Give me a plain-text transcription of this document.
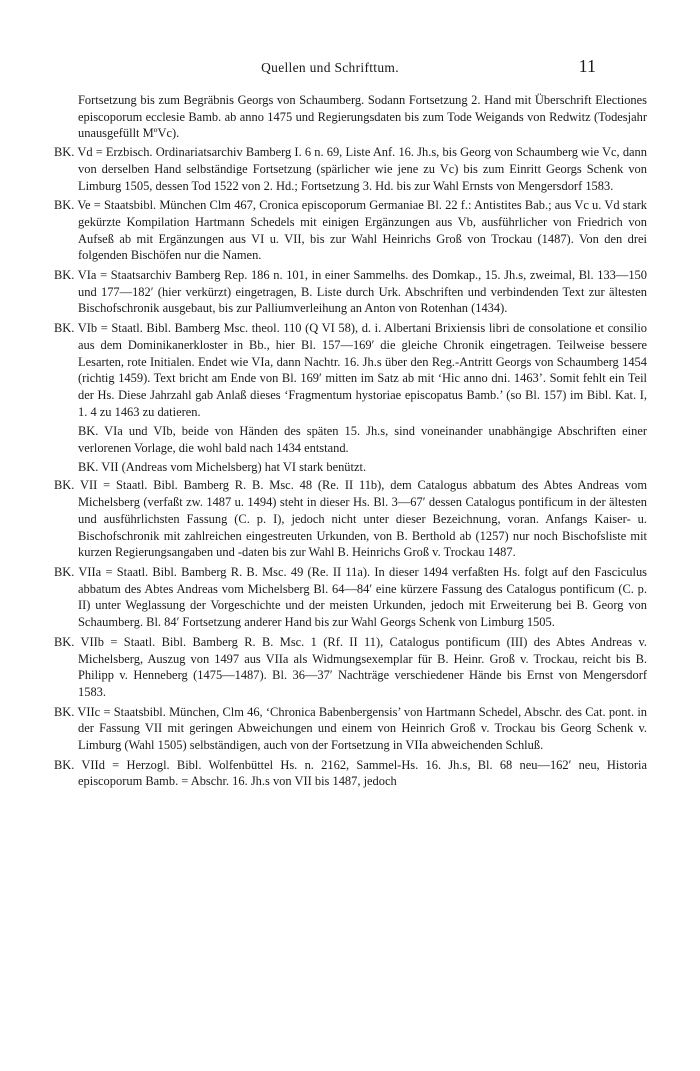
Quellen und Schrifttum.	11

Fortsetzung bis zum Begräbnis Georgs von Schaumberg. Sodann Fortsetzung 2. Hand mit Überschrift Electiones episcoporum ecclesie Bamb. ab anno 1475 und Regierungsdaten bis zum Tode Weigands von Redwitz (Todesjahr unausgefüllt MºVc).

BK. Vd = Erzbisch. Ordinariatsarchiv Bamberg I. 6 n. 69, Liste Anf. 16. Jh.s, bis Georg von Schaumberg wie Vc, dann von derselben Hand selbständige Fortsetzung (spärlicher wie jene zu Vc) bis zum Einritt Georgs Schenk von Limburg 1505, dessen Tod 1522 von 2. Hd.; Fortsetzung 3. Hd. bis zur Wahl Ernsts von Mengersdorf 1583.

BK. Ve = Staatsbibl. München Clm 467, Cronica episcoporum Germaniae Bl. 22 f.: Antistites Bab.; aus Vc u. Vd stark gekürzte Kompilation Hartmann Schedels mit einigen Ergänzungen aus Vb, ausführlicher von Friedrich von Aufseß ab mit Ergänzungen aus VI u. VII, bis zur Wahl Heinrichs Groß von Trockau (1487). Von den drei folgenden Bischöfen nur die Namen.

BK. VIa = Staatsarchiv Bamberg Rep. 186 n. 101, in einer Sammelhs. des Domkap., 15. Jh.s, zweimal, Bl. 133—150 und 177—182′ (hier verkürzt) eingetragen, B. Liste durch Urk. Abschriften und verbindenden Text zur ältesten Bischofschronik ausgebaut, bis zur Palliumverleihung an Anton von Rotenhan (1434).

BK. VIb = Staatl. Bibl. Bamberg Msc. theol. 110 (Q VI 58), d. i. Albertani Brixiensis libri de consolatione et consilio aus dem Dominikanerkloster in Bb., hier Bl. 157—169′ die gleiche Chronik eingetragen. Teilweise bessere Lesarten, rote Initialen. Endet wie VIa, dann Nachtr. 16. Jh.s über den Reg.-Antritt Georgs von Schaumberg 1454 (richtig 1459). Text bricht am Ende von Bl. 169′ mitten im Satz ab mit ‘Hic anno dni. 1463’. Somit fehlt ein Teil der Hs. Diese Jahrzahl gab Anlaß dieses ‘Fragmentum hystoriae episcopatus Bamb.’ (so Bl. 157) im Bibl. Kat. I, 1. 4 zu 1463 zu datieren.

BK. VIa und VIb, beide von Händen des späten 15. Jh.s, sind voneinander unabhängige Abschriften einer verlorenen Vorlage, die wohl bald nach 1434 entstand.

BK. VII (Andreas vom Michelsberg) hat VI stark benützt.

BK. VII = Staatl. Bibl. Bamberg R. B. Msc. 48 (Re. II 11b), dem Catalogus abbatum des Abtes Andreas vom Michelsberg (verfaßt zw. 1487 u. 1494) steht in dieser Hs. Bl. 3—67′ dessen Catalogus pontificum in der ältesten und ausführlichsten Fassung (C. p. I), jedoch nicht unter dieser Bezeichnung, voran. Anfangs Kaiser- u. Bischofschronik mit zahlreichen eingestreuten Urkunden, von B. Berthold ab (1257) nur noch Bischofsliste mit kurzen Regierungsangaben und -daten bis zur Wahl B. Heinrichs Groß v. Trockau 1487.

BK. VIIa = Staatl. Bibl. Bamberg R. B. Msc. 49 (Re. II 11a). In dieser 1494 verfaßten Hs. folgt auf den Fasciculus abbatum des Abtes Andreas vom Michelsberg Bl. 64—84′ eine kürzere Fassung des Catalogus pontificum (C. p. II) unter Weglassung der Vorgeschichte und der meisten Urkunden, jedoch mit Erweiterung bei B. Georg von Schaumberg. Bl. 84′ Fortsetzung anderer Hand bis zur Wahl Georgs Schenk von Limburg 1505.

BK. VIIb = Staatl. Bibl. Bamberg R. B. Msc. 1 (Rf. II 11), Catalogus pontificum (III) des Abtes Andreas v. Michelsberg, Auszug von 1497 aus VIIa als Widmungsexemplar für B. Heinr. Groß v. Trockau, reicht bis B. Philipp v. Henneberg (1475—1487). Bl. 36—37′ Nachträge verschiedener Hände bis Ernst von Mengersdorf 1583.

BK. VIIc = Staatsbibl. München, Clm 46, ‘Chronica Babenbergensis’ von Hartmann Schedel, Abschr. des Cat. pont. in der Fassung VII mit geringen Abweichungen und einem von Heinrich Groß v. Trockau bis Georg Schenk v. Limburg (Wahl 1505) selbständigen, auch von der Fortsetzung in VIIa abweichenden Schluß.

BK. VIId = Herzogl. Bibl. Wolfenbüttel Hs. n. 2162, Sammel-Hs. 16. Jh.s, Bl. 68 neu—162′ neu, Historia episcoporum Bamb. = Abschr. 16. Jh.s von VII bis 1487, jedoch
